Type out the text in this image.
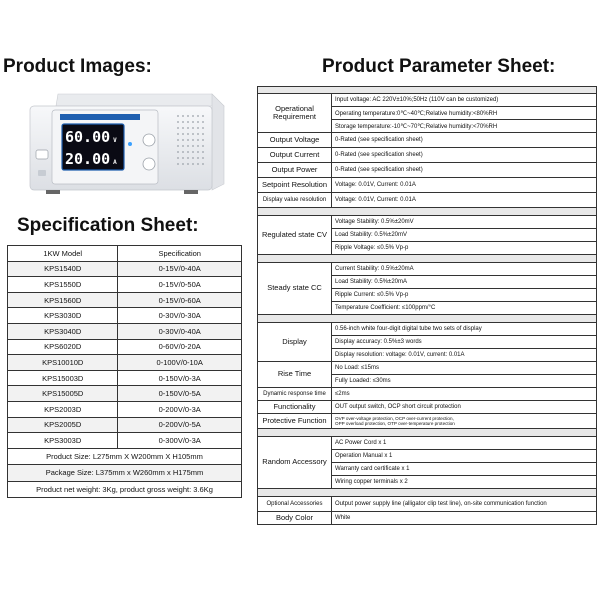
Product Images:	Product Parameter Sheet:
Specification Sheet:
60.00 V
20.00 A
1KW Model	Specification
KPS1540D	0-15V/0-40A
KPS1550D	0-15V/0-50A
KPS1560D	0-15V/0-60A
KPS3030D	0-30V/0-30A
KPS3040D	0-30V/0-40A
KPS6020D	0-60V/0-20A
KPS10010D	0-100V/0-10A
KPS15003D	0-150V/0-3A
KPS15005D	0-150V/0-5A
KPS2003D	0-200V/0-3A
KPS2005D	0-200V/0-5A
KPS3003D	0-300V/0-3A
Product Size: L275mm X W200mm X H105mm	
Package Size: L375mm x W260mm x H175mm	
Product net weight: 3Kg, product gross weight: 3.6Kg	

Operational Requirement	Input voltage: AC 220V±10%;50Hz (110V can be customized)
	Operating temperature:0℃~40℃;Relative humidity:<80%RH
	Storage temperature:-10℃~70℃;Relative humidity:<70%RH
Output Voltage	0-Rated (see specification sheet)
Output Current	0-Rated (see specification sheet)
Output Power	0-Rated (see specification sheet)
Setpoint Resolution	Voltage: 0.01V, Current: 0.01A
Display value resolution	Voltage: 0.01V, Current: 0.01A

Regulated state CV	Voltage Stability: 0.5%±20mV
	Load Stability: 0.5%±20mV
	Ripple Voltage: ≤0.5% Vp-p

Steady state CC	Current Stability: 0.5%±20mA
	Load Stability: 0.5%±20mA
	Ripple Current: ≤0.5% Vp-p
	Temperature Coefficient: ≤100ppm/°C

Display	0.56-inch white four-digit digital tube two sets of display
	Display accuracy: 0.5%±3 words
	Display resolution: voltage: 0.01V, current: 0.01A
Rise Time	No Load: ≤15ms
	Fully Loaded: ≤30ms
Dynamic response time	≤2ms
Functionality	OUT output switch, OCP short circuit protection
Protective Function	OVP over-voltage protection, OCP over-current protection,
OPP overload protection, OTP over-temperature protection

Random Accessory	AC Power Cord x 1
	Operation Manual x 1
	Warranty card certificate x 1
	Wiring copper terminals x 2

Optional Accessories	Output power supply line (alligator clip test line), on-site communication function
Body Color	White
